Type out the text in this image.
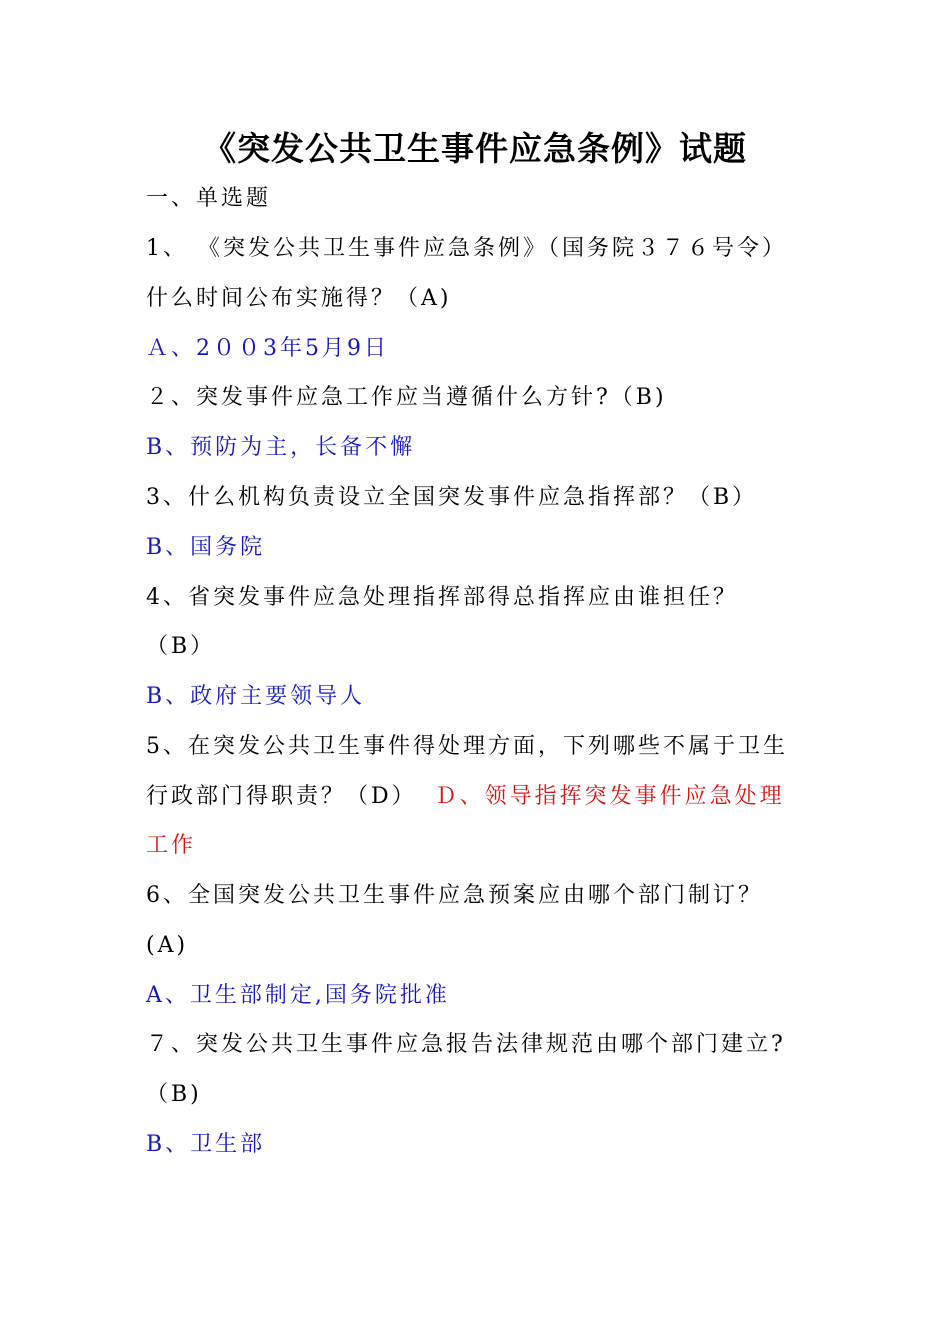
《突发公共卫生事件应急条例》试题
一、单选题
1、 《突发公共卫生事件应急条例》（国务院３７６号令）
什么时间公布实施得？（A)
Ａ、2００3年5月9日
２、突发事件应急工作应当遵循什么方针?（B)
B、预防为主，长备不懈
3、什么机构负责设立全国突发事件应急指挥部？（B）
B、国务院
4、省突发事件应急处理指挥部得总指挥应由谁担任？
（B）
B、政府主要领导人
5、在突发公共卫生事件得处理方面，下列哪些不属于卫生
行政部门得职责？（D） Ｄ、领导指挥突发事件应急处理
工作
6、全国突发公共卫生事件应急预案应由哪个部门制订？
(A)
A、卫生部制定,国务院批准
７、突发公共卫生事件应急报告法律规范由哪个部门建立?
（B)
B、卫生部
